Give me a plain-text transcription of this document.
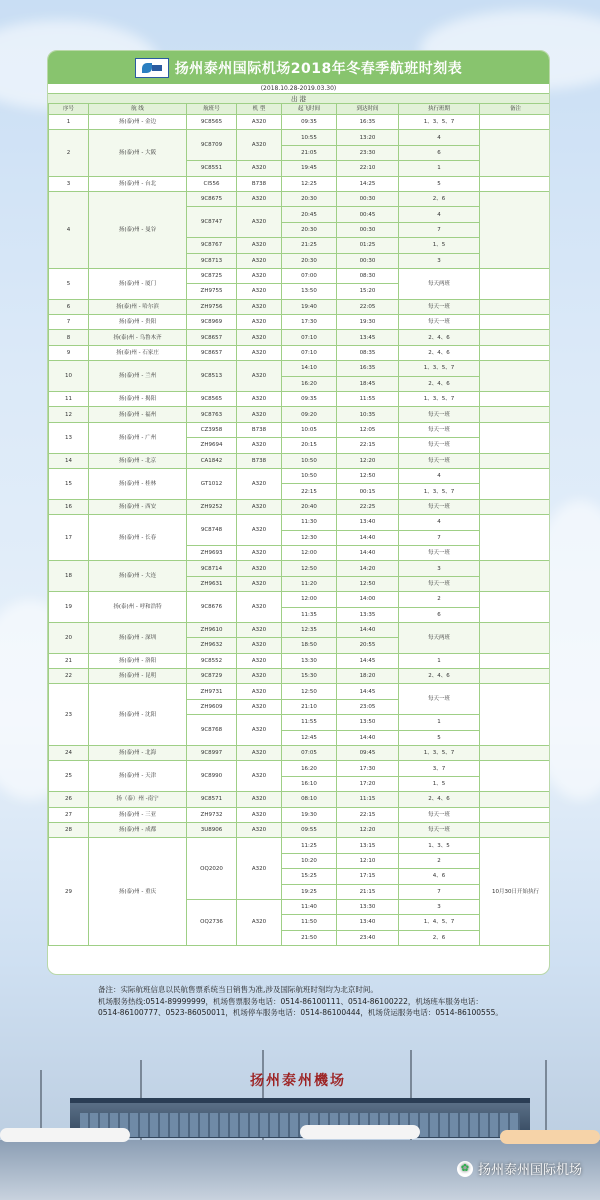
扬州泰州国际机场2018年冬春季航班时刻表
(2018.10.28-2019.03.30)
出 港
序号	航 线	航班号	机 型	起飞时间	到达时间	执行班期	备注
1	扬(泰)州 - 金边	9C8565	A320	09:35	16:35	1、3、5、7	
2	扬(泰)州 - 大阪	9C8709	A320	10:55	13:20	4	
				21:05	23:30	6	
		9C8551	A320	19:45	22:10	1	
3	扬(泰)州 - 台北	CI556	B738	12:25	14:25	5	
4	扬(泰)州 - 曼谷	9C8675	A320	20:30	00:30	2、6	
		9C8747	A320	20:45	00:45	4	
				20:30	00:30	7	
		9C8767	A320	21:25	01:25	1、5	
		9C8713	A320	20:30	00:30	3	
5	扬(泰)州 - 厦门	9C8725	A320	07:00	08:30	每天两班	
		ZH9755	A320	13:50	15:20		
6	扬(泰)州 - 哈尔滨	ZH9756	A320	19:40	22:05	每天一班	
7	扬(泰)州 - 贵阳	9C8969	A320	17:30	19:30	每天一班	
8	扬(泰)州 - 乌鲁木齐	9C8657	A320	07:10	13:45	2、4、6	
9	扬(泰)州 - 石家庄	9C8657	A320	07:10	08:35	2、4、6	
10	扬(泰)州 - 兰州	9C8513	A320	14:10	16:35	1、3、5、7	
				16:20	18:45	2、4、6	
11	扬(泰)州 - 揭阳	9C8565	A320	09:35	11:55	1、3、5、7	
12	扬(泰)州 - 福州	9C8763	A320	09:20	10:35	每天一班	
13	扬(泰)州 - 广州	CZ3958	B738	10:05	12:05	每天一班	
		ZH9694	A320	20:15	22:15	每天一班	
14	扬(泰)州 - 北京	CA1842	B738	10:50	12:20	每天一班	
15	扬(泰)州 - 桂林	GT1012	A320	10:50	12:50	4	
				22:15	00:15	1、3、5、7	
16	扬(泰)州 - 西安	ZH9252	A320	20:40	22:25	每天一班	
17	扬(泰)州 - 长春	9C8748	A320	11:30	13:40	4	
				12:30	14:40	7	
		ZH9693	A320	12:00	14:40	每天一班	
18	扬(泰)州 - 大连	9C8714	A320	12:50	14:20	3	
		ZH9631	A320	11:20	12:50	每天一班	
19	扬(泰)州 - 呼和浩特	9C8676	A320	12:00	14:00	2	
				11:35	13:35	6	
20	扬(泰)州 - 深圳	ZH9610	A320	12:35	14:40	每天两班	
		ZH9632	A320	18:50	20:55		
21	扬(泰)州 - 洛阳	9C8552	A320	13:30	14:45	1	
22	扬(泰)州 - 昆明	9C8729	A320	15:30	18:20	2、4、6	
23	扬(泰)州 - 沈阳	ZH9731	A320	12:50	14:45	每天一班	
		ZH9609	A320	21:10	23:05		
		9C8768	A320	11:55	13:50	1	
				12:45	14:40	5	
24	扬(泰)州 - 北海	9C8997	A320	07:05	09:45	1、3、5、7	
25	扬(泰)州 - 天津	9C8990	A320	16:20	17:30	3、7	
				16:10	17:20	1、5	
26	扬（泰）州 -南宁	9C8571	A320	08:10	11:15	2、4、6	
27	扬(泰)州 - 三亚	ZH9732	A320	19:30	22:15	每天一班	
28	扬(泰)州 - 成都	3U8906	A320	09:55	12:20	每天一班	
29	扬(泰)州 - 重庆	OQ2020	A320	11:25	13:15	1、3、5	10月30日开始执行
				10:20	12:10	2	
				15:25	17:15	4、6	
				19:25	21:15	7	
		OQ2736	A320	11:40	13:30	3	
				11:50	13:40	1、4、5、7	
				21:50	23:40	2、6	
备注：实际航班信息以民航售票系统当日销售为准,涉及国际航班时刻均为北京时间。
机场服务热线:0514-89999999，机场售票服务电话：0514-86100111、0514-86100222，机场班车服务电话：
0514-86100777、0523-86050011，机场停车服务电话：0514-86100444，机场货运服务电话：0514-86100555。
扬州泰州機场
✿ 扬州泰州国际机场
